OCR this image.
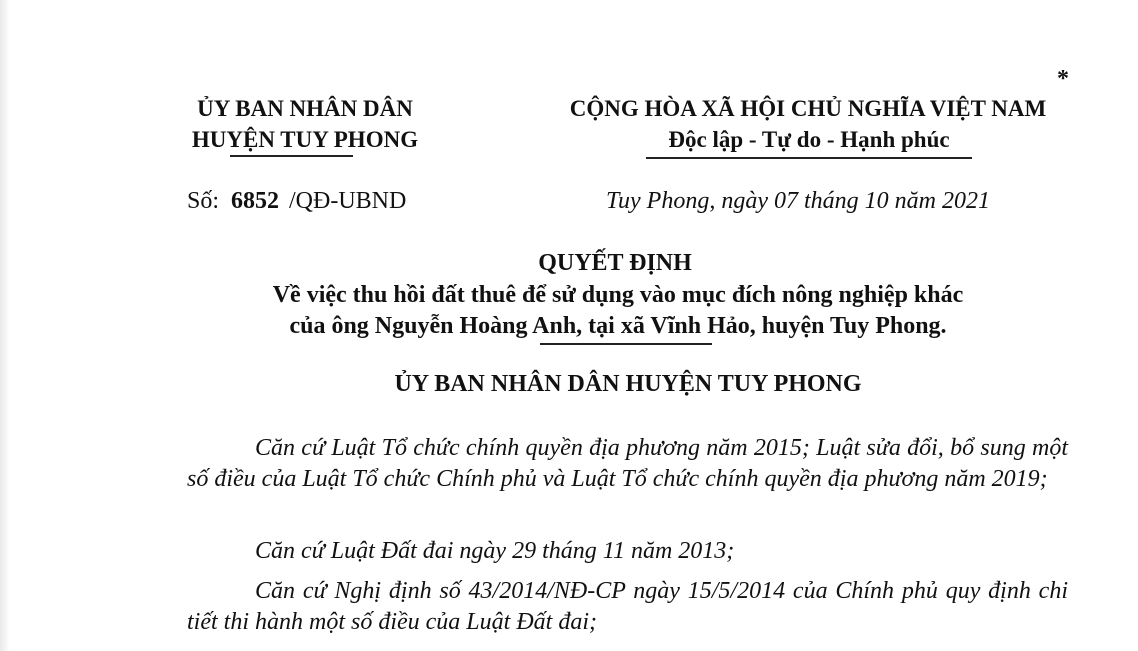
*
ỦY BAN NHÂN DÂN
HUYỆN TUY PHONG
CỘNG HÒA XÃ HỘI CHỦ NGHĨA VIỆT NAM
Độc lập - Tự do - Hạnh phúc
Số: 6852 /QĐ-UBND	Tuy Phong, ngày 07 tháng 10 năm 2021
QUYẾT ĐỊNH
Về việc thu hồi đất thuê để sử dụng vào mục đích nông nghiệp khác
của ông Nguyễn Hoàng Anh, tại xã Vĩnh Hảo, huyện Tuy Phong.
ỦY BAN NHÂN DÂN HUYỆN TUY PHONG
Căn cứ Luật Tổ chức chính quyền địa phương năm 2015; Luật sửa đổi, bổ sung một số điều của Luật Tổ chức Chính phủ và Luật Tổ chức chính quyền địa phương năm 2019;
Căn cứ Luật Đất đai ngày 29 tháng 11 năm 2013;
Căn cứ Nghị định số 43/2014/NĐ-CP ngày 15/5/2014 của Chính phủ quy định chi tiết thi hành một số điều của Luật Đất đai;
